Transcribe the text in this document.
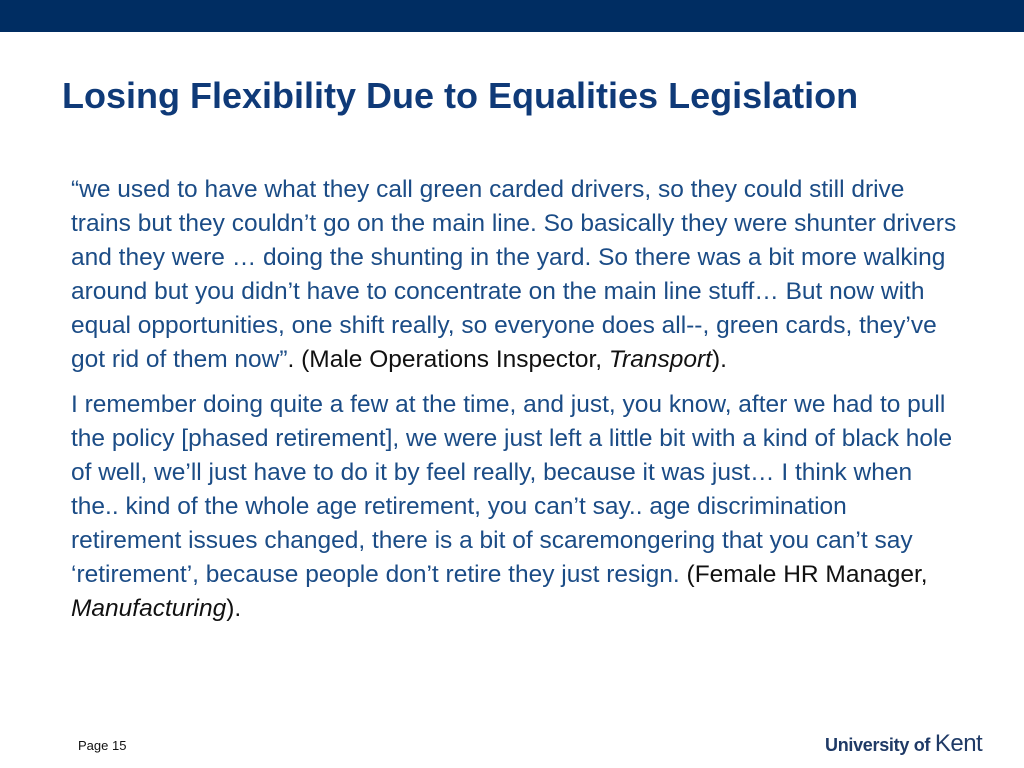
Losing Flexibility Due to Equalities Legislation

“we used to have what they call green carded drivers, so they could still drive trains but they couldn’t go on the main line. So basically they were shunter drivers and they were … doing the shunting in the yard. So there was a bit more walking around but you didn’t have to concentrate on the main line stuff… But now with equal opportunities, one shift really, so everyone does all--, green cards, they’ve got rid of them now”. (Male Operations Inspector, Transport).

I remember doing quite a few at the time, and just, you know, after we had to pull the policy [phased retirement], we were just left a little bit with a kind of black hole of well, we’ll just have to do it by feel really, because it was just… I think when the.. kind of the whole age retirement, you can’t say.. age discrimination retirement issues changed, there is a bit of scaremongering that you can’t say ‘retirement’, because people don’t retire they just resign. (Female HR Manager, Manufacturing).

Page 15	University of Kent
